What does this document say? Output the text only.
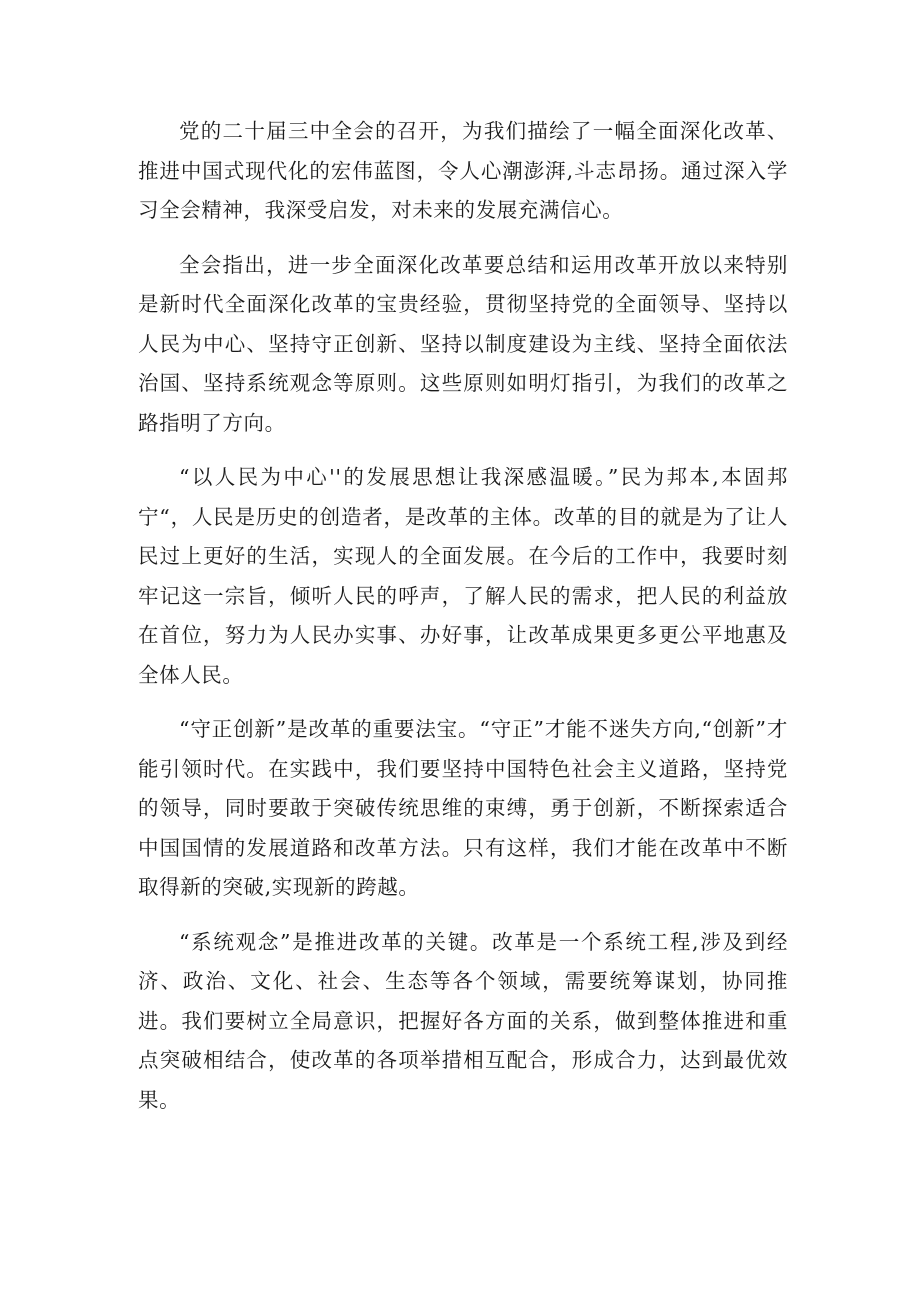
党的二十届三中全会的召开，为我们描绘了一幅全面深化改革、推进中国式现代化的宏伟蓝图，令人心潮澎湃,斗志昂扬。通过深入学习全会精神，我深受启发，对未来的发展充满信心。

全会指出，进一步全面深化改革要总结和运用改革开放以来特别是新时代全面深化改革的宝贵经验，贯彻坚持党的全面领导、坚持以人民为中心、坚持守正创新、坚持以制度建设为主线、坚持全面依法治国、坚持系统观念等原则。这些原则如明灯指引，为我们的改革之路指明了方向。

“以人民为中心''的发展思想让我深感温暖。”民为邦本,本固邦宁“，人民是历史的创造者，是改革的主体。改革的目的就是为了让人民过上更好的生活，实现人的全面发展。在今后的工作中，我要时刻牢记这一宗旨，倾听人民的呼声，了解人民的需求，把人民的利益放在首位，努力为人民办实事、办好事，让改革成果更多更公平地惠及全体人民。

“守正创新”是改革的重要法宝。“守正”才能不迷失方向,“创新”才能引领时代。在实践中，我们要坚持中国特色社会主义道路，坚持党的领导，同时要敢于突破传统思维的束缚，勇于创新，不断探索适合中国国情的发展道路和改革方法。只有这样，我们才能在改革中不断取得新的突破,实现新的跨越。

“系统观念”是推进改革的关键。改革是一个系统工程,涉及到经济、政治、文化、社会、生态等各个领域，需要统筹谋划，协同推进。我们要树立全局意识，把握好各方面的关系，做到整体推进和重点突破相结合，使改革的各项举措相互配合，形成合力，达到最优效果。
